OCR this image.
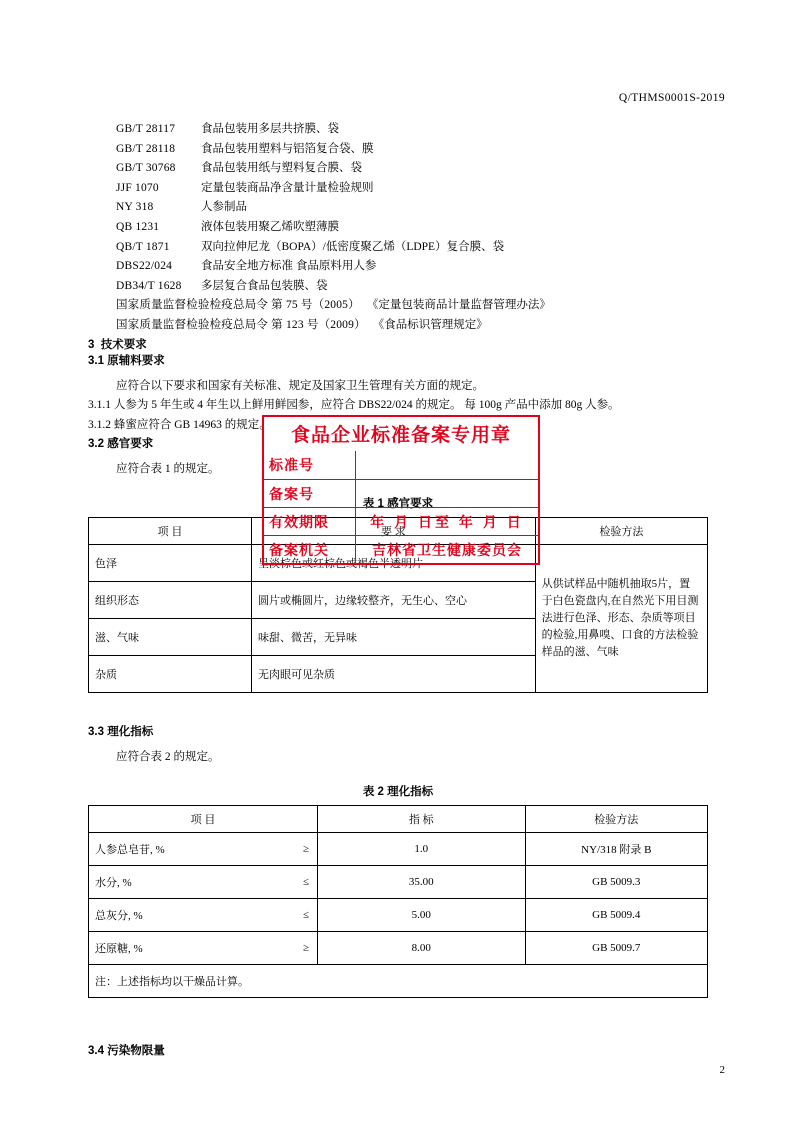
Q/THMS0001S-2019
GB/T 28117	食品包装用多层共挤膜、袋
GB/T 28118	食品包装用塑料与铝箔复合袋、膜
GB/T 30768	食品包装用纸与塑料复合膜、袋
JJF 1070	定量包装商品净含量计量检验规则
NY 318	人参制品
QB 1231	液体包装用聚乙烯吹塑薄膜
QB/T 1871	双向拉伸尼龙（BOPA）/低密度聚乙烯（LDPE）复合膜、袋
DBS22/024	食品安全地方标准 食品原料用人参
DB34/T 1628	多层复合食品包装膜、袋
国家质量监督检验检疫总局令 第 75 号（2005） 《定量包装商品计量监督管理办法》
国家质量监督检验检疫总局令 第 123 号（2009） 《食品标识管理规定》
3 技术要求
3.1 原辅料要求

应符合以下要求和国家有关标准、规定及国家卫生管理有关方面的规定。

3.1.1 人参为 5 年生或 4 年生以上鲜用鲜园参，应符合 DBS22/024 的规定。 每 100g 产品中添加 80g 人参。

3.1.2 蜂蜜应符合 GB 14963 的规定。

3.2 感官要求

应符合表 1 的规定。

表 1 感官要求
项 目	要 求	检验方法
色泽	呈淡棕色或红棕色或褐色半透明片	从供试样品中随机抽取5片，置于白色瓷盘内,在自然光下用目测法进行色泽、形态、杂质等项目的检验,用鼻嗅、口食的方法检验样品的滋、气味
组织形态	圆片或椭圆片，边缘较整齐，无生心、空心	
滋、气味	味甜、微苦，无异味	
杂质	无肉眼可见杂质	
3.3 理化指标

应符合表 2 的规定。

表 2 理化指标
项 目	指 标	检验方法
人参总皂苷, % ≥	1.0	NY/318 附录 B
水分, % ≤	35.00	GB 5009.3
总灰分, % ≤	5.00	GB 5009.4
还原糖, % ≥	8.00	GB 5009.7
注：上述指标均以干燥品计算。		
3.4 污染物限量
食品企业标准备案专用章
标准号
备案号
有效期限	年 月 日至 年 月 日
备案机关	吉林省卫生健康委员会
2
